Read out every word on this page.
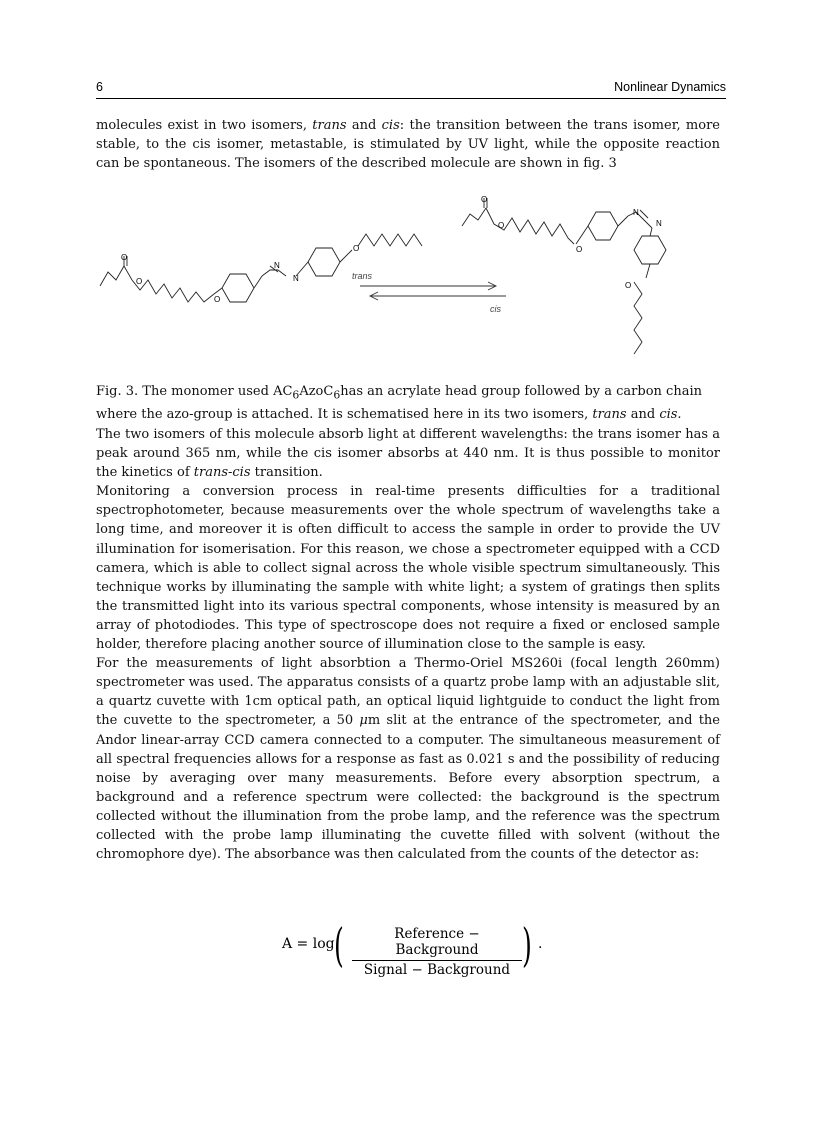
6	Nonlinear Dynamics

molecules exist in two isomers, trans and cis: the transition between the trans isomer, more stable, to the cis isomer, metastable, is stimulated by UV light, while the opposite reaction can be spontaneous. The isomers of the described molecule are shown in fig. 3

O
O
O
N
N
O
trans
cis
O
O
O
N
N
O

Fig. 3. The monomer used $AC_6AzoC_6has$ an acrylate head group followed by a carbon chain where the azo-group is attached. It is schematised here in its two isomers, trans and cis.

The two isomers of this molecule absorb light at different wavelengths: the trans isomer has a peak around 365 nm, while the cis isomer absorbs at 440 nm. It is thus possible to monitor the kinetics of trans-cis transition.

Monitoring a conversion process in real-time presents difficulties for a traditional spectrophotometer, because measurements over the whole spectrum of wavelengths take a long time, and moreover it is often difficult to access the sample in order to provide the UV illumination for isomerisation. For this reason, we chose a spectrometer equipped with a CCD camera, which is able to collect signal across the whole visible spectrum simultaneously. This technique works by illuminating the sample with white light; a system of gratings then splits the transmitted light into its various spectral components, whose intensity is measured by an array of photodiodes. This type of spectroscope does not require a fixed or enclosed sample holder, therefore placing another source of illumination close to the sample is easy.

For the measurements of light absorbtion a Thermo-Oriel MS260i (focal length 260mm) spectrometer was used. The apparatus consists of a quartz probe lamp with an adjustable slit, a quartz cuvette with 1cm optical path, an optical liquid lightguide to conduct the light from the cuvette to the spectrometer, a 50 μm slit at the entrance of the spectrometer, and the Andor linear-array CCD camera connected to a computer. The simultaneous measurement of all spectral frequencies allows for a response as fast as 0.021 s and the possibility of reducing noise by averaging over many measurements. Before every absorption spectrum, a background and a reference spectrum were collected: the background is the spectrum collected without the illumination from the probe lamp, and the reference was the spectrum collected with the probe lamp illuminating the cuvette filled with solvent (without the chromophore dye). The absorbance was then calculated from the counts of the detector as:

A = log (	Reference − Background
Signal − Background ) .
